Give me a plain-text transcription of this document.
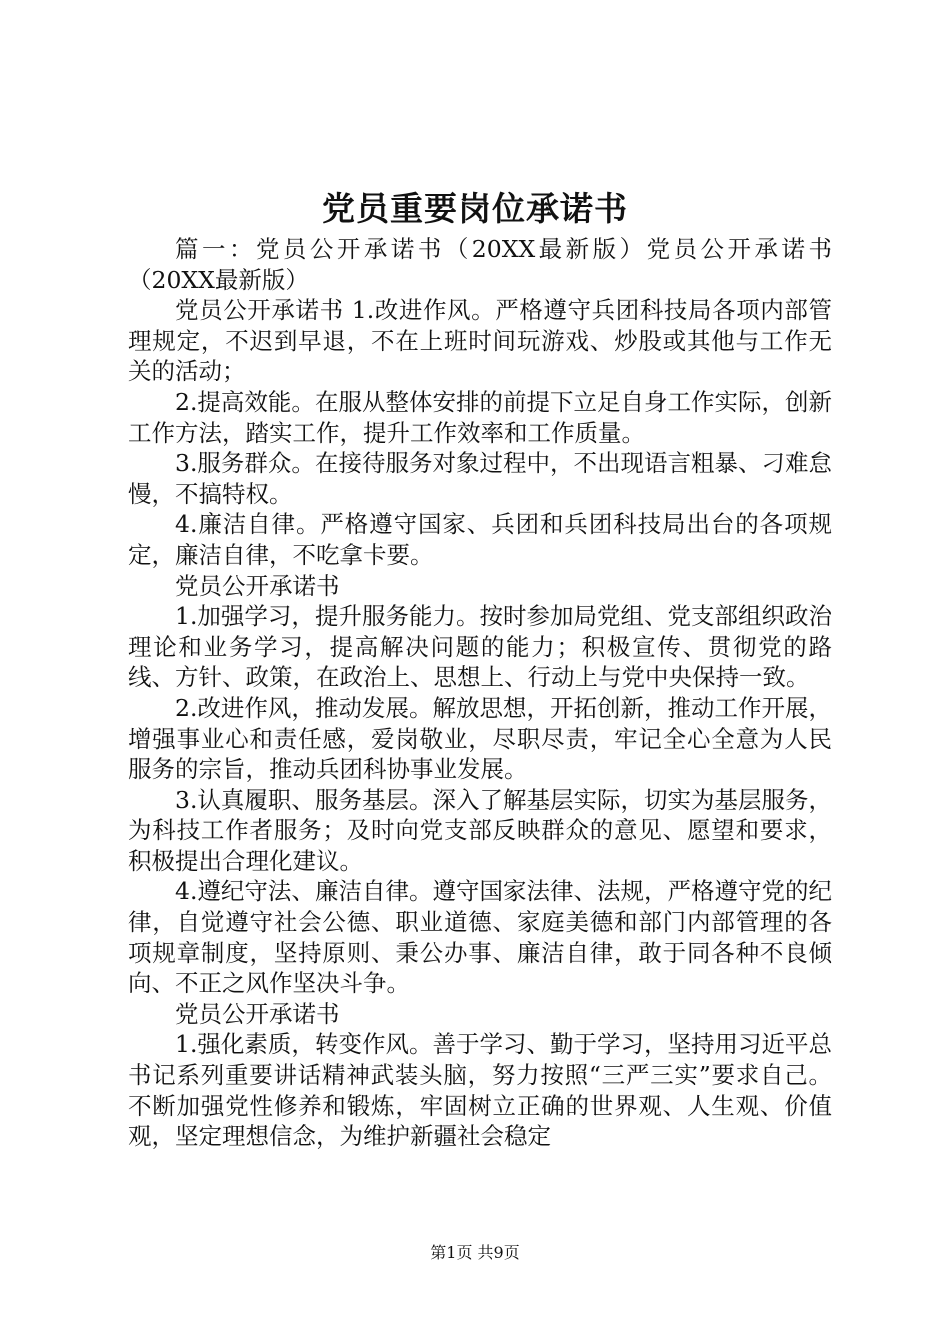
党员重要岗位承诺书

篇一：党员公开承诺书（20XX最新版）党员公开承诺书（20XX最新版）

党员公开承诺书 1.改进作风。严格遵守兵团科技局各项内部管理规定，不迟到早退，不在上班时间玩游戏、炒股或其他与工作无关的活动；

2.提高效能。在服从整体安排的前提下立足自身工作实际，创新工作方法，踏实工作，提升工作效率和工作质量。

3.服务群众。在接待服务对象过程中，不出现语言粗暴、刁难怠慢，不搞特权。

4.廉洁自律。严格遵守国家、兵团和兵团科技局出台的各项规定，廉洁自律，不吃拿卡要。

党员公开承诺书

1.加强学习，提升服务能力。按时参加局党组、党支部组织政治理论和业务学习，提高解决问题的能力；积极宣传、贯彻党的路线、方针、政策，在政治上、思想上、行动上与党中央保持一致。

2.改进作风，推动发展。解放思想，开拓创新，推动工作开展，增强事业心和责任感，爱岗敬业，尽职尽责，牢记全心全意为人民服务的宗旨，推动兵团科协事业发展。

3.认真履职、服务基层。深入了解基层实际，切实为基层服务，为科技工作者服务；及时向党支部反映群众的意见、愿望和要求，积极提出合理化建议。

4.遵纪守法、廉洁自律。遵守国家法律、法规，严格遵守党的纪律，自觉遵守社会公德、职业道德、家庭美德和部门内部管理的各项规章制度，坚持原则、秉公办事、廉洁自律，敢于同各种不良倾向、不正之风作坚决斗争。

党员公开承诺书

1.强化素质，转变作风。善于学习、勤于学习，坚持用习近平总书记系列重要讲话精神武装头脑，努力按照“三严三实”要求自己。不断加强党性修养和锻炼，牢固树立正确的世界观、人生观、价值观，坚定理想信念，为维护新疆社会稳定

第1页 共9页
